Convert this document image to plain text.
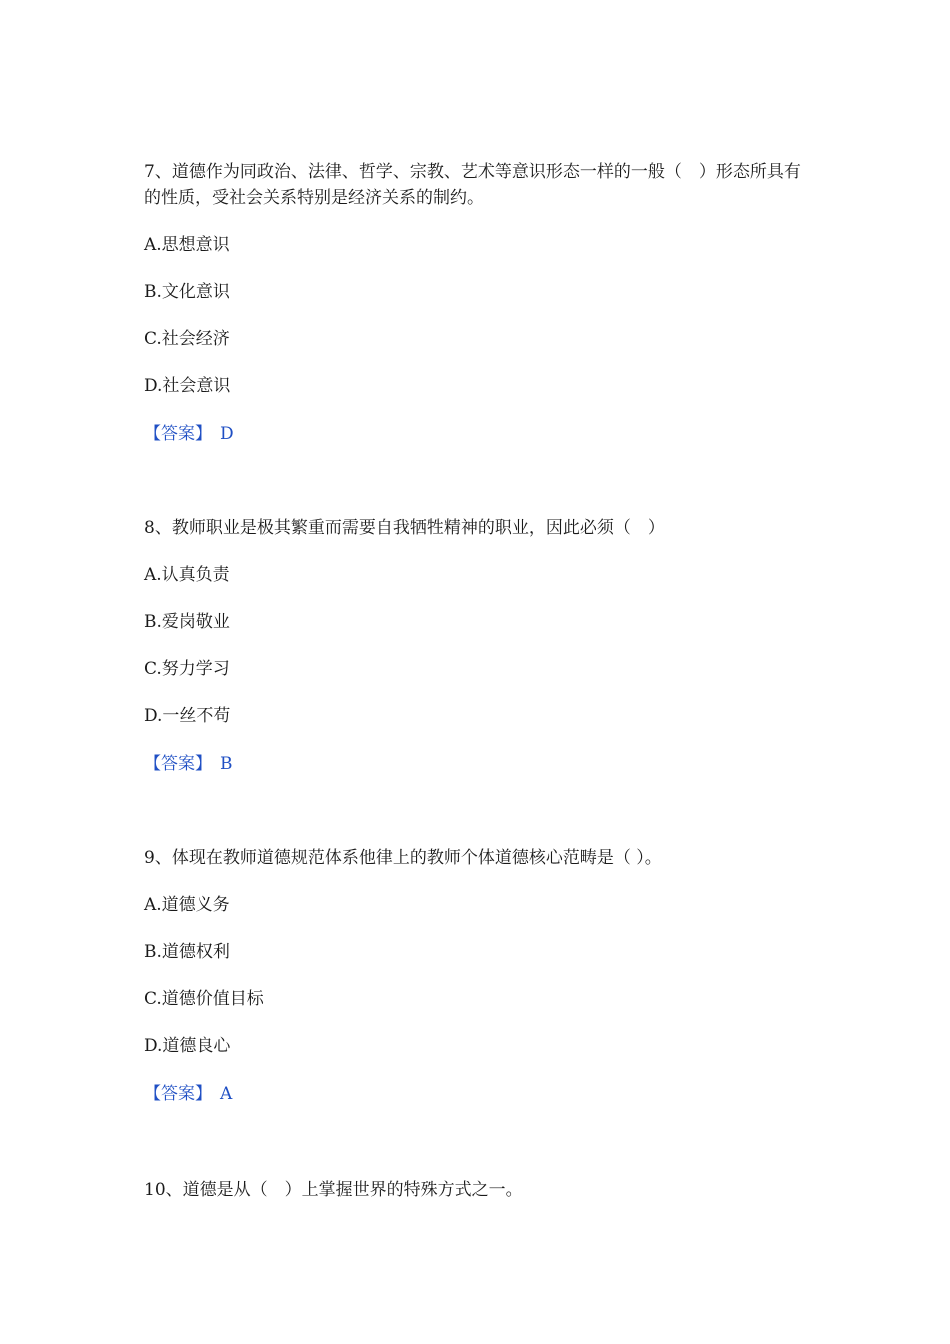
7、道德作为同政治、法律、哲学、宗教、艺术等意识形态一样的一般（　）形态所具有的性质，受社会关系特别是经济关系的制约。
A.思想意识
B.文化意识
C.社会经济
D.社会意识
【答案】 D
8、教师职业是极其繁重而需要自我牺牲精神的职业，因此必须（　）
A.认真负责
B.爱岗敬业
C.努力学习
D.一丝不苟
【答案】 B
9、体现在教师道德规范体系他律上的教师个体道德核心范畴是（ ）。
A.道德义务
B.道德权利
C.道德价值目标
D.道德良心
【答案】 A
10、道德是从（　）上掌握世界的特殊方式之一。
